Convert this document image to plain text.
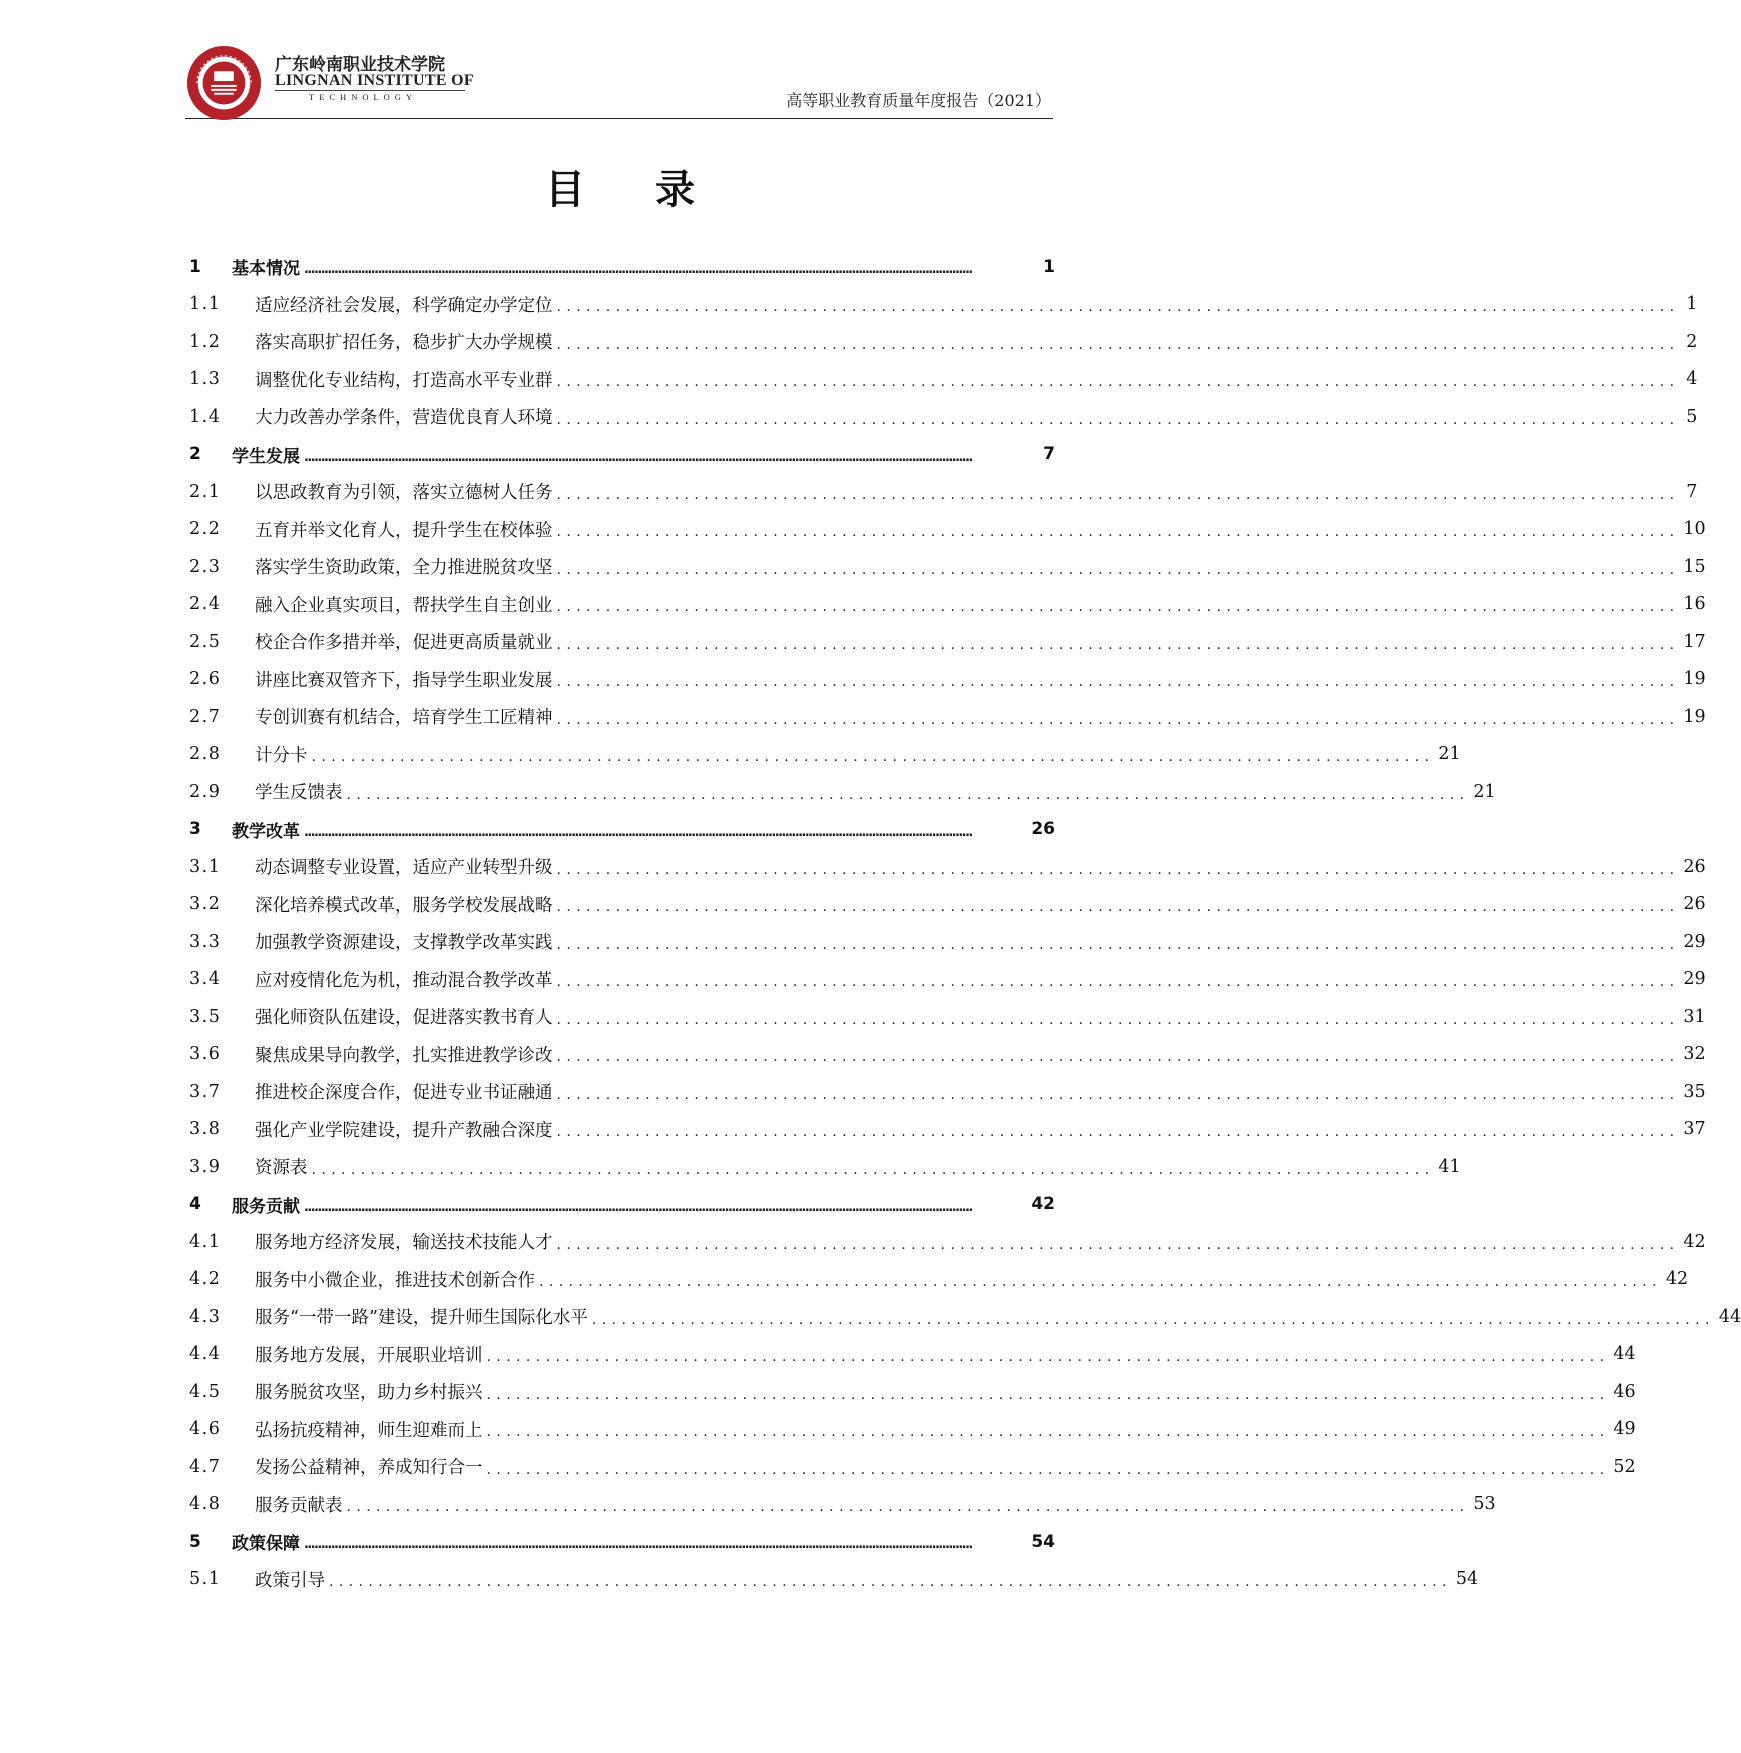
广东岭南职业技术学院
LINGNAN INSTITUTE OF
TECHNOLOGY	高等职业教育质量年度报告（2021）
目录
1	基本情况 ........................................................................................................................................................................................................	1
1.1	适应经济社会发展，科学确定办学定位 .................................................................................................................. 1
1.2	落实高职扩招任务，稳步扩大办学规模 .................................................................................................................. 2
1.3	调整优化专业结构，打造高水平专业群 .................................................................................................................. 4
1.4	大力改善办学条件，营造优良育人环境 .................................................................................................................. 5
2	学生发展 ........................................................................................................................................................................................................	7
2.1	以思政教育为引领，落实立德树人任务 .................................................................................................................. 7
2.2	五育并举文化育人，提升学生在校体验 .................................................................................................................. 10
2.3	落实学生资助政策，全力推进脱贫攻坚 .................................................................................................................. 15
2.4	融入企业真实项目，帮扶学生自主创业 .................................................................................................................. 16
2.5	校企合作多措并举，促进更高质量就业 .................................................................................................................. 17
2.6	讲座比赛双管齐下，指导学生职业发展 .................................................................................................................. 19
2.7	专创训赛有机结合，培育学生工匠精神 .................................................................................................................. 19
2.8	计分卡 .................................................................................................................. 21
2.9	学生反馈表 .................................................................................................................. 21
3	教学改革 ........................................................................................................................................................................................................	26
3.1	动态调整专业设置，适应产业转型升级 .................................................................................................................. 26
3.2	深化培养模式改革，服务学校发展战略 .................................................................................................................. 26
3.3	加强教学资源建设，支撑教学改革实践 .................................................................................................................. 29
3.4	应对疫情化危为机，推动混合教学改革 .................................................................................................................. 29
3.5	强化师资队伍建设，促进落实教书育人 .................................................................................................................. 31
3.6	聚焦成果导向教学，扎实推进教学诊改 .................................................................................................................. 32
3.7	推进校企深度合作，促进专业书证融通 .................................................................................................................. 35
3.8	强化产业学院建设，提升产教融合深度 .................................................................................................................. 37
3.9	资源表 .................................................................................................................. 41
4	服务贡献 ........................................................................................................................................................................................................	42
4.1	服务地方经济发展，输送技术技能人才 .................................................................................................................. 42
4.2	服务中小微企业，推进技术创新合作 .................................................................................................................. 42
4.3	服务“一带一路”建设，提升师生国际化水平 .................................................................................................................. 44
4.4	服务地方发展，开展职业培训 .................................................................................................................. 44
4.5	服务脱贫攻坚，助力乡村振兴 .................................................................................................................. 46
4.6	弘扬抗疫精神，师生迎难而上 .................................................................................................................. 49
4.7	发扬公益精神，养成知行合一 .................................................................................................................. 52
4.8	服务贡献表 .................................................................................................................. 53
5	政策保障 ........................................................................................................................................................................................................	54
5.1	政策引导 .................................................................................................................. 54
